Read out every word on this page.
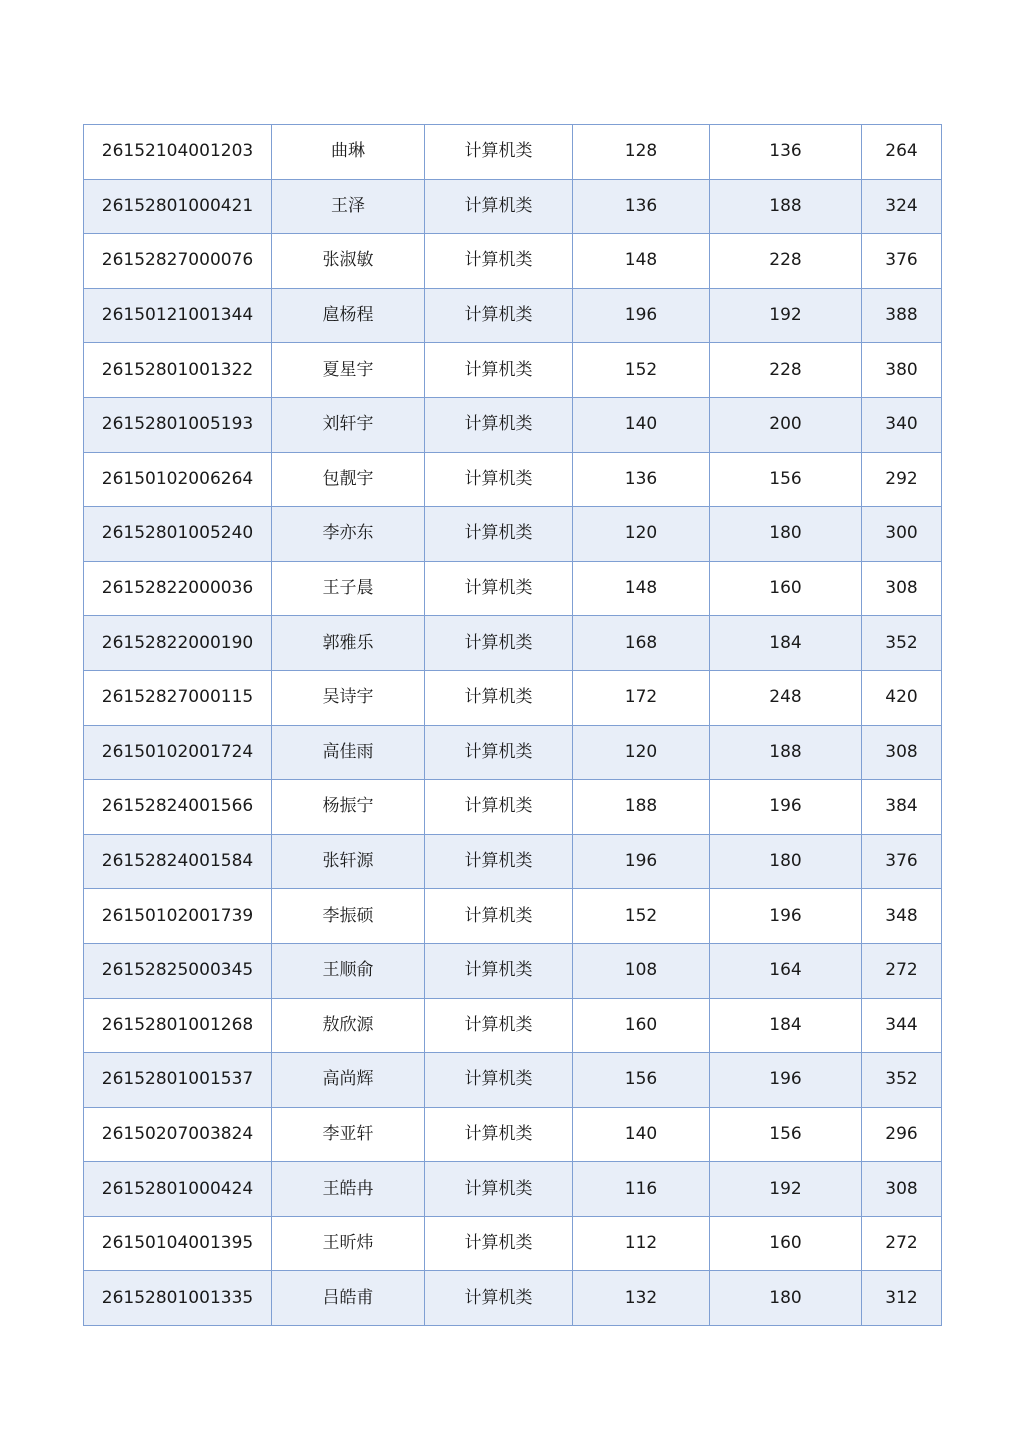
26152104001203	曲琳	计算机类	128	136	264
26152801000421	王泽	计算机类	136	188	324
26152827000076	张淑敏	计算机类	148	228	376
26150121001344	扈杨程	计算机类	196	192	388
26152801001322	夏星宇	计算机类	152	228	380
26152801005193	刘轩宇	计算机类	140	200	340
26150102006264	包靓宇	计算机类	136	156	292
26152801005240	李亦东	计算机类	120	180	300
26152822000036	王子晨	计算机类	148	160	308
26152822000190	郭雅乐	计算机类	168	184	352
26152827000115	吴诗宇	计算机类	172	248	420
26150102001724	高佳雨	计算机类	120	188	308
26152824001566	杨振宁	计算机类	188	196	384
26152824001584	张轩源	计算机类	196	180	376
26150102001739	李振硕	计算机类	152	196	348
26152825000345	王顺俞	计算机类	108	164	272
26152801001268	敖欣源	计算机类	160	184	344
26152801001537	高尚辉	计算机类	156	196	352
26150207003824	李亚轩	计算机类	140	156	296
26152801000424	王皓冉	计算机类	116	192	308
26150104001395	王昕炜	计算机类	112	160	272
26152801001335	吕皓甫	计算机类	132	180	312
